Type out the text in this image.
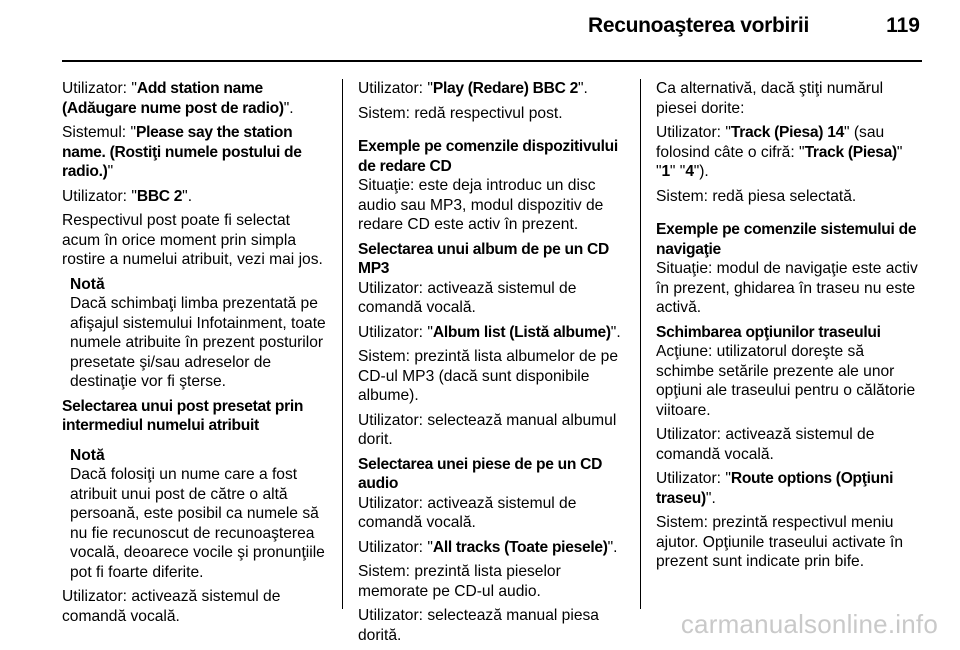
Recunoaşterea vorbirii	119

Utilizator: "Add station name (Adăugare nume post de radio)".

Sistemul: "Please say the station name. (Rostiţi numele postului de radio.)"

Utilizator: "BBC 2".

Respectivul post poate fi selectat acum în orice moment prin simpla rostire a numelui atribuit, vezi mai jos.

Notă
Dacă schimbaţi limba prezentată pe afişajul sistemului Infotainment, toate numele atribuite în prezent posturilor presetate şi/sau adreselor de destinaţie vor fi şterse.
Selectarea unui post presetat prin intermediul numelui atribuit
Notă
Dacă folosiţi un nume care a fost atribuit unui post de către o altă persoană, este posibil ca numele să nu fie recunoscut de recunoaşterea vocală, deoarece vocile şi pronunţiile pot fi foarte diferite.

Utilizator: activează sistemul de comandă vocală.

Utilizator: "Play (Redare) BBC 2".

Sistem: redă respectivul post.

Exemple pe comenzile dispozitivului de redare CD

Situaţie: este deja introduc un disc audio sau MP3, modul dispozitiv de redare CD este activ în prezent.

Selectarea unui album de pe un CD MP3

Utilizator: activează sistemul de comandă vocală.

Utilizator: "Album list (Listă albume)".

Sistem: prezintă lista albumelor de pe CD-ul MP3 (dacă sunt disponibile albume).

Utilizator: selectează manual albumul dorit.

Selectarea unei piese de pe un CD audio

Utilizator: activează sistemul de comandă vocală.

Utilizator: "All tracks (Toate piesele)".

Sistem: prezintă lista pieselor memorate pe CD-ul audio.

Utilizator: selectează manual piesa dorită.

Ca alternativă, dacă ştiţi numărul piesei dorite:

Utilizator: "Track (Piesa) 14" (sau folosind câte o cifră: "Track (Piesa)" "1" "4").

Sistem: redă piesa selectată.

Exemple pe comenzile sistemului de navigaţie

Situaţie: modul de navigaţie este activ în prezent, ghidarea în traseu nu este activă.

Schimbarea opţiunilor traseului

Acţiune: utilizatorul doreşte să schimbe setările prezente ale unor opţiuni ale traseului pentru o călătorie viitoare.

Utilizator: activează sistemul de comandă vocală.

Utilizator: "Route options (Opţiuni traseu)".

Sistem: prezintă respectivul meniu ajutor. Opţiunile traseului activate în prezent sunt indicate prin bife.

carmanualsonline.info
